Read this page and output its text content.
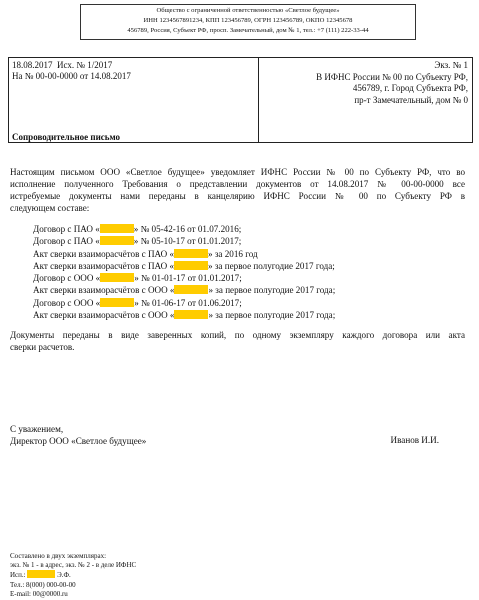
Общество с ограниченной ответственностью «Светлое будущее»
ИНН 1234567891234, КПП 123456789, ОГРН 123456789, ОКПО 12345678
456789, Россия, Субъект РФ, просп. Замечательный, дом № 1, тел.: +7 (111) 222-33-44
18.08.2017  Исх. № 1/2017
На № 00-00-0000 от 14.08.2017
Сопроводительное письмо
Экз. № 1
В ИФНС России № 00 по Субъекту РФ,
456789, г. Город Субъекта РФ,
пр-т Замечательный, дом № 0
Настоящим письмом ООО «Светлое будущее» уведомляет ИФНС России № 00 по Субъекту РФ, что во
исполнение полученного Требования о представлении документов от 14.08.2017 № 00-00-0000 все
истребуемые документы нами переданы в канцелярию ИФНС России № 00 по Субъекту РФ в
следующем составе:
Договор с ПАО «	» № 05-42-16 от 01.07.2016;
Договор с ПАО «	» № 05-10-17 от 01.01.2017;
Акт сверки взаиморасчётов с ПАО «	» за 2016 год
Акт сверки взаиморасчётов с ПАО «	» за первое полугодие 2017 года;
Договор с ООО «	» № 01-01-17 от 01.01.2017;
Акт сверки взаиморасчётов с ООО «	» за первое полугодие 2017 года;
Договор с ООО «	» № 01-06-17 от 01.06.2017;
Акт сверки взаиморасчётов с ООО «	» за первое полугодие 2017 года;
Документы переданы в виде заверенных копий, по одному экземпляру каждого договора или акта
сверки расчетов.
С уважением,
Директор ООО «Светлое будущее»	Иванов И.И.
Составлено в двух экземплярах:
экз. № 1 - в адрес, экз. № 2 - в деле ИФНС
Исп.:	Э.Ф.
Тел.: 8(000) 000-00-00
E-mail: 00@0000.ru
